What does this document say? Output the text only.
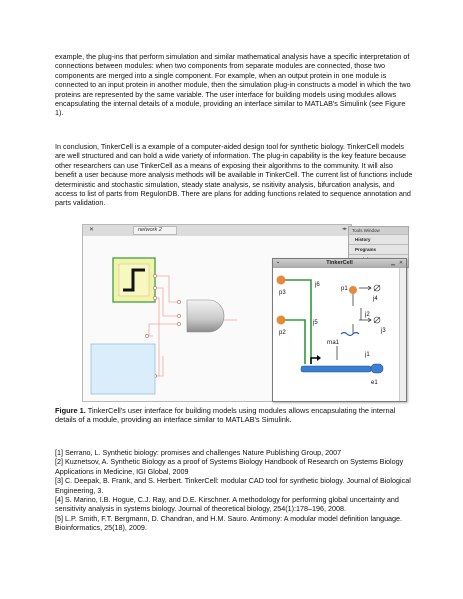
example, the plug-ins that perform simulation and similar mathematical analysis have a specific interpretation of connections between modules: when two components from separate modules are connected, those two components are merged into a single component. For example, when an output protein in one module is connected to an input protein in another module, then the simulation plug-in constructs a model in which the two proteins are represented by the same variable. The user interface for building models using modules allows encapsulating the internal details of a module, providing an interface similar to MATLAB's Simulink (see Figure 1).

In conclusion, TinkerCell is a example of a computer-aided design tool for synthetic biology. TinkerCell models are well structured and can hold a wide variety of information. The plug-in capability is the key feature because other researchers can use TinkerCell as a means of exposing their algorithms to the community. It will also benefit a user because more analysis methods will be available in TinkerCell. The current list of functions include deterministic and stochastic simulation, steady state analysis, se nsitivity analysis, bifurcation analysis, and access to list of parts from RegulonDB. There are plans for adding functions related to sequence annotation and parts validation.

✕	network 2	◂▸	Tools Window
History
Programs
▪	TinkerCell	▁ ✕
p3
j6
p1
j4
p2
j5
j2
rna1
j1
j3
e1

Figure 1. TinkerCell's user interface for building models using modules allows encapsulating the internal details of a module, providing an interface similar to MATLAB's Simulink.

[1] Serrano, L. Synthetic biology: promises and challenges Nature Publishing Group, 2007
[2] Kuznetsov, A. Synthetic Biology as a proof of Systems Biology Handbook of Research on Systems Biology Applications in Medicine, IGI Global, 2009
[3] C. Deepak, B. Frank, and S. Herbert. TinkerCell: modular CAD tool for synthetic biology. Journal of Biological Engineering, 3.
[4] S. Marino, I.B. Hogue, C.J. Ray, and D.E. Kirschner. A methodology for performing global uncertainty and sensitivity analysis in systems biology. Journal of theoretical biology, 254(1):178–196, 2008.
[5] L.P. Smith, F.T. Bergmann, D. Chandran, and H.M. Sauro. Antimony: A modular model definition language. Bioinformatics, 25(18), 2009.
